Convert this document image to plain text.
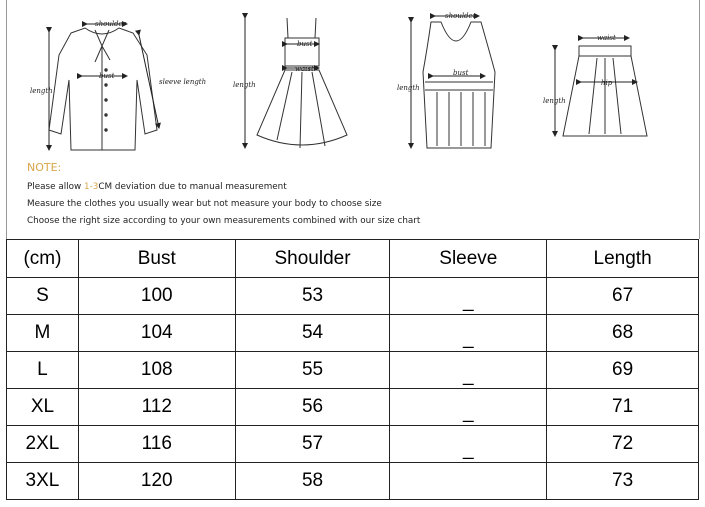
shoulder
bust
sleeve length
length
bust
waist
length
shoulder
bust
length
waist
hip
length
NOTE:
Please allow 1-3CM deviation due to manual measurement
Measure the clothes you usually wear but not measure your body to choose size
Choose the right size according to your own measurements combined with our size chart
(cm)	Bust	Shoulder	Sleeve	Length
S	100	53	_	67
M	104	54	_	68
L	108	55	_	69
XL	112	56	_	71
2XL	116	57	_	72
3XL	120	58		73
